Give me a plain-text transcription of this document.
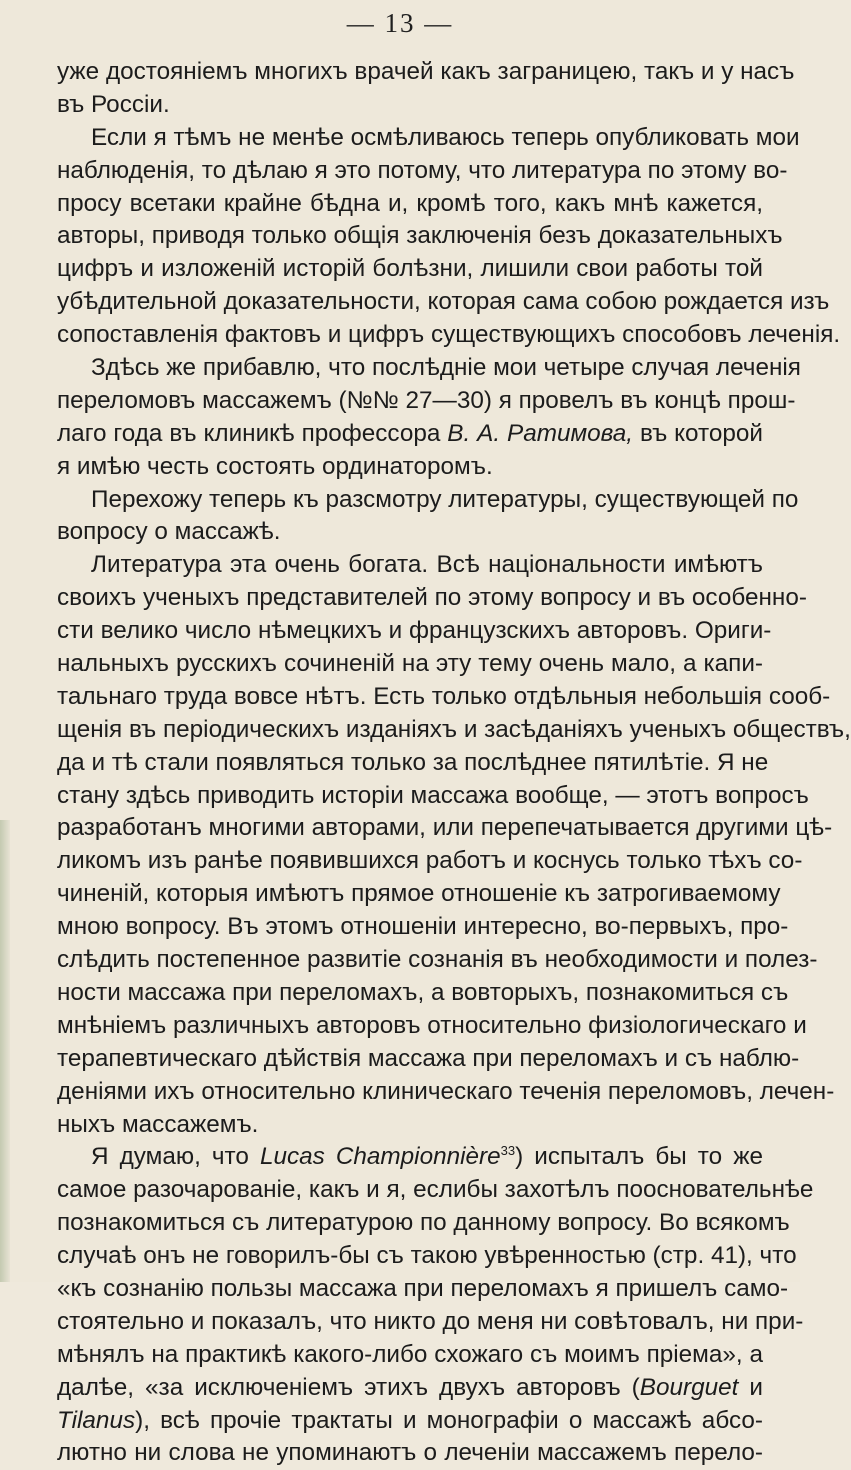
— 13 —
уже достояніемъ многихъ врачей какъ заграницею, такъ и у насъ
въ Россіи.
Если я тѣмъ не менѣе осмѣливаюсь теперь опубликовать мои
наблюденія, то дѣлаю я это потому, что литература по этому во-
просу всетаки крайне бѣдна и, кромѣ того, какъ мнѣ кажется,
авторы, приводя только общія заключенія безъ доказательныхъ
цифръ и изложеній исторій болѣзни, лишили свои работы той
убѣдительной доказательности, которая сама собою рождается изъ
сопоставленія фактовъ и цифръ существующихъ способовъ леченія.
Здѣсь же прибавлю, что послѣдніе мои четыре случая леченія
переломовъ массажемъ (№№ 27—30) я провелъ въ концѣ прош-
лаго года въ клиникѣ профессора В. А. Ратимова, въ которой
я имѣю честь состоять ординаторомъ.
Перехожу теперь къ разсмотру литературы, существующей по
вопросу о массажѣ.
Литература эта очень богата. Всѣ національности имѣютъ
своихъ ученыхъ представителей по этому вопросу и въ особенно-
сти велико число нѣмецкихъ и французскихъ авторовъ. Ориги-
нальныхъ русскихъ сочиненій на эту тему очень мало, а капи-
тальнаго труда вовсе нѣтъ. Есть только отдѣльныя небольшія сооб-
щенія въ періодическихъ изданіяхъ и засѣданіяхъ ученыхъ обществъ,
да и тѣ стали появляться только за послѣднее пятилѣтіе. Я не
стану здѣсь приводить исторіи массажа вообще, — этотъ вопросъ
разработанъ многими авторами, или перепечатывается другими цѣ-
ликомъ изъ ранѣе появившихся работъ и коснусь только тѣхъ со-
чиненій, которыя имѣютъ прямое отношеніе къ затрогиваемому
мною вопросу. Въ этомъ отношеніи интересно, во-первыхъ, про-
слѣдить постепенное развитіе сознанія въ необходимости и полез-
ности массажа при переломахъ, а вовторыхъ, познакомиться съ
мнѣніемъ различныхъ авторовъ относительно физіологическаго и
терапевтическаго дѣйствія массажа при переломахъ и съ наблю-
деніями ихъ относительно клиническаго теченія переломовъ, лечен-
ныхъ массажемъ.
Я думаю, что Lucas Championnière$^{33}$) испыталъ бы то же
самое разочарованіе, какъ и я, еслибы захотѣлъ поосновательнѣе
познакомиться съ литературою по данному вопросу. Во всякомъ
случаѣ онъ не говорилъ-бы съ такою увѣренностью (стр. 41), что
«къ сознанію пользы массажа при переломахъ я пришелъ само-
стоятельно и показалъ, что никто до меня ни совѣтовалъ, ни при-
мѣнялъ на практикѣ какого-либо схожаго съ моимъ пріема», а
далѣе, «за исключеніемъ этихъ двухъ авторовъ (Bourguet и
Tilanus), всѣ прочіе трактаты и монографіи о массажѣ абсо-
лютно ни слова не упоминаютъ о леченіи массажемъ перело-
